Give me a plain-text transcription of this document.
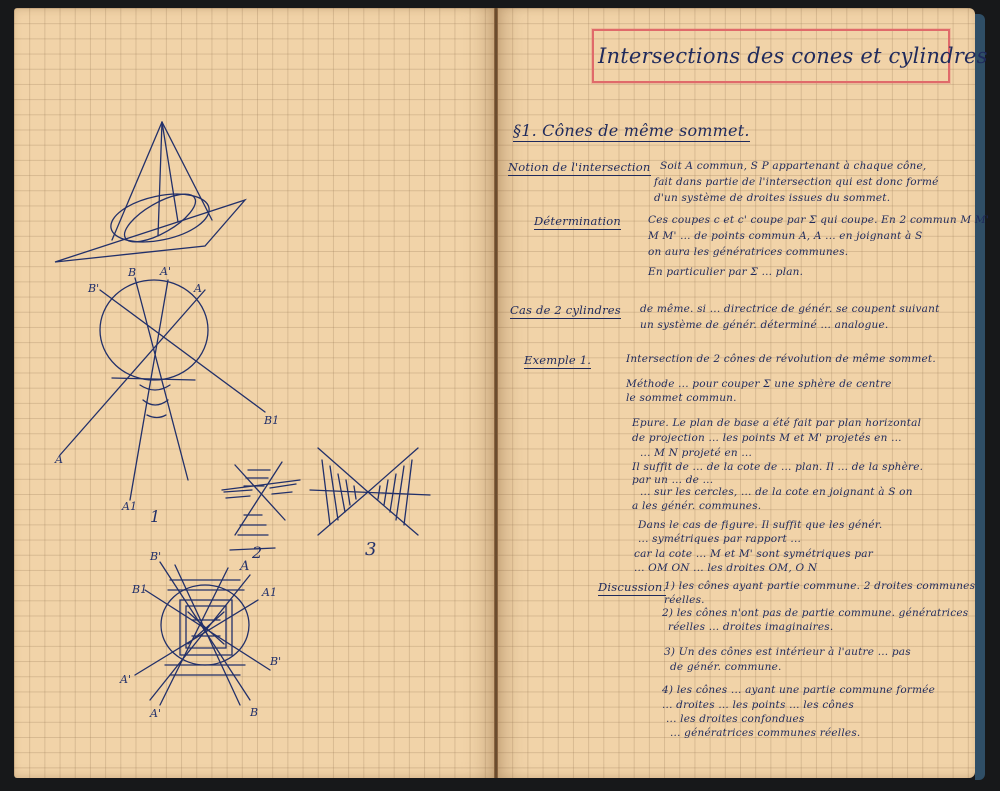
B'
B A'
A
B1
A
A1
1
2	3
B'
A
B1	A1
A'
B'
A'	B
Intersections des cones et cylindres
§1. Cônes de même sommet.
Notion de l'intersection Soit A commun, S P appartenant à chaque cône,
fait dans partie de l'intersection qui est donc formé
d'un système de droites issues du sommet.
Détermination	Ces coupes c et c' coupe par Σ qui coupe. En 2 commun M M'
M M' ... de points commun A, A ... en joignant à S
on aura les génératrices communes.
En particulier par Σ ... plan.
Cas de 2 cylindres de même. si ... directrice de génér. se coupent suivant
un système de génér. déterminé ... analogue.
Exemple 1.	Intersection de 2 cônes de révolution de même sommet.
Méthode ... pour couper Σ une sphère de centre
le sommet commun.
Epure. Le plan de base a été fait par plan horizontal
de projection ... les points M et M' projetés en ...
... M N projeté en ...
Il suffit de ... de la cote de ... plan. Il ... de la sphère.
par un ... de ...
... sur les cercles, ... de la cote en joignant à S on
a les génér. communes.
Dans le cas de figure. Il suffit que les génér.
... symétriques par rapport ...
car la cote ... M et M' sont symétriques par
... OM ON ... les droites OM, O N
Discussion.
1) les cônes ayant partie commune. 2 droites communes
réelles.
2) les cônes n'ont pas de partie commune. génératrices
réelles ... droites imaginaires.
3) Un des cônes est intérieur à l'autre ... pas
de génér. commune.
4) les cônes ... ayant une partie commune formée
... droites ... les points ... les cônes
... les droites confondues
... génératrices communes réelles.
